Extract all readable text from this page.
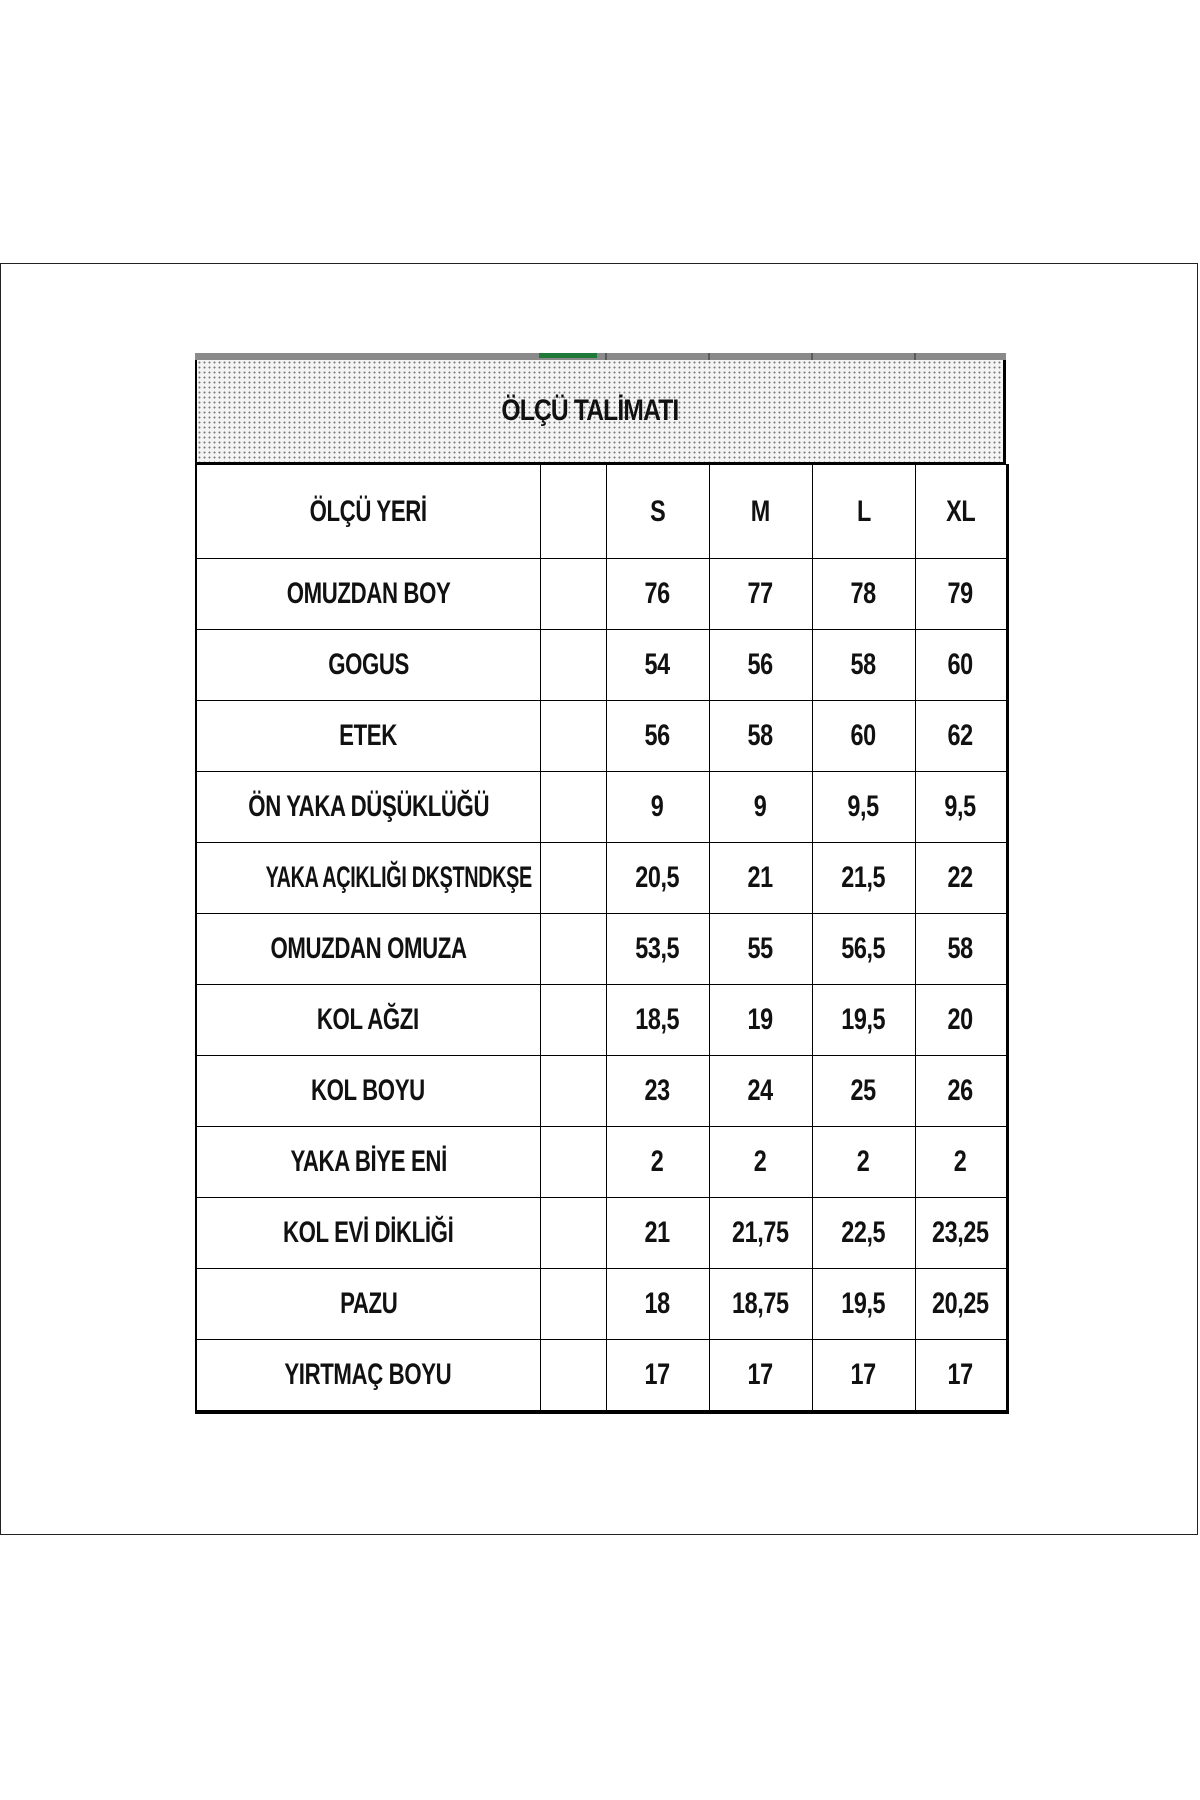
ÖLÇÜ TALİMATI
ÖLÇÜ YERİ		S	M	L	XL
OMUZDAN BOY		76	77	78	79
GOGUS		54	56	58	60
ETEK		56	58	60	62
ÖN YAKA DÜŞÜKLÜĞÜ		9	9	9,5	9,5
YAKA AÇIKLIĞI DKŞTNDKŞE		20,5	21	21,5	22
OMUZDAN OMUZA		53,5	55	56,5	58
KOL AĞZI		18,5	19	19,5	20
KOL BOYU		23	24	25	26
YAKA BİYE ENİ		2	2	2	2
KOL EVİ DİKLİĞİ		21	21,75	22,5	23,25
PAZU		18	18,75	19,5	20,25
YIRTMAÇ BOYU		17	17	17	17
